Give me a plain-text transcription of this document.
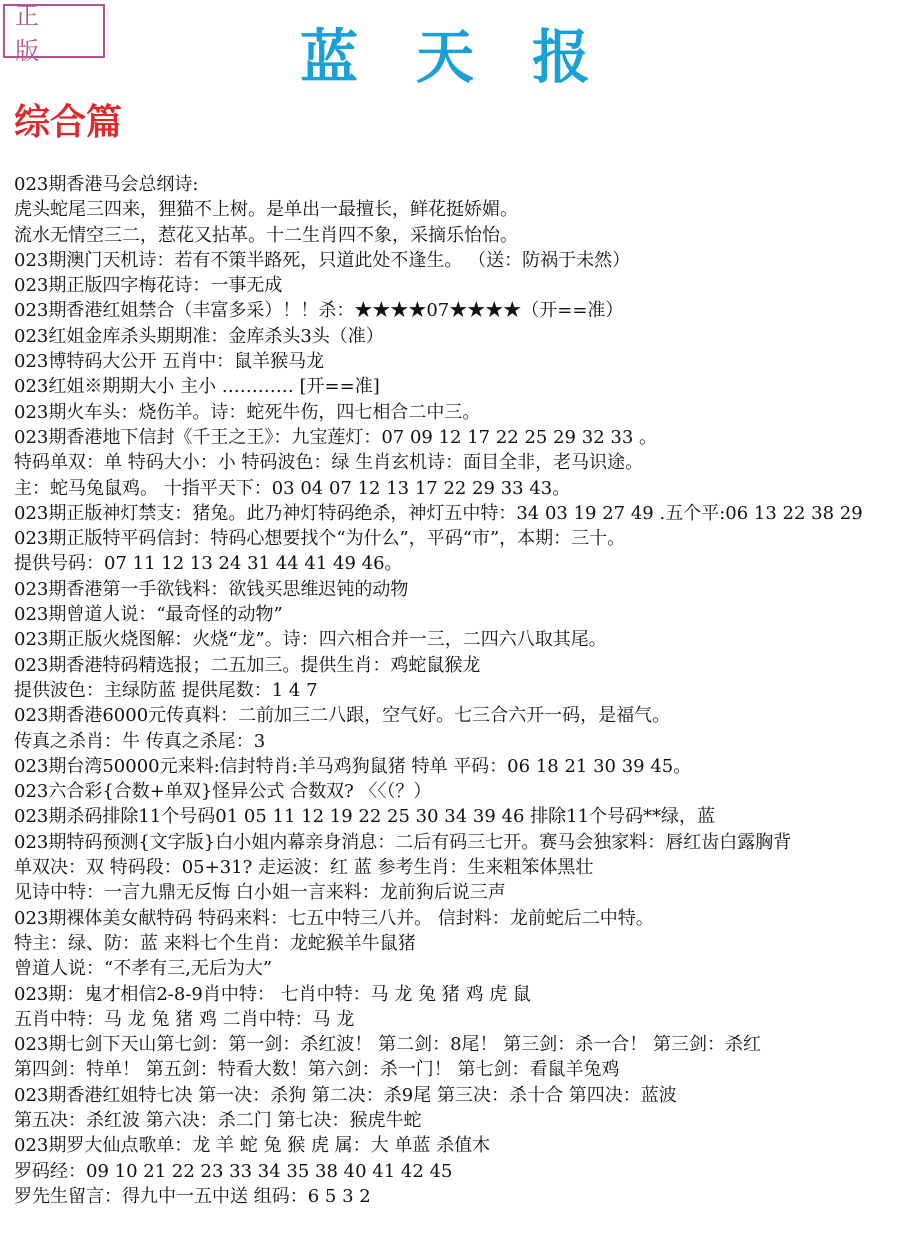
正 版	蓝天报
综合篇
023期香港马会总纲诗:
虎头蛇尾三四来，狸猫不上树。是单出一最擅长，鲜花挺娇媚。
流水无情空三二，惹花又拈革。十二生肖四不象，采摘乐怡怡。
023期澳门天机诗：若有不策半路死，只道此处不逢生。 （送：防祸于未然）
023期正版四字梅花诗：一事无成
023期香港红姐禁合（丰富多采）！！杀：★★★★07★★★★（开==准）
023红姐金库杀头期期准：金库杀头3头（准）
023博特码大公开 五肖中：鼠羊猴马龙
023红姐※期期大小 主小 ………… [开==准]
023期火车头：烧伤羊。诗：蛇死牛伤，四七相合二中三。
023期香港地下信封《千王之王》：九宝莲灯：07 09 12 17 22 25 29 32 33 。
特码单双：单 特码大小：小 特码波色：绿 生肖玄机诗：面目全非，老马识途。
主：蛇马兔鼠鸡。 十指平天下：03 04 07 12 13 17 22 29 33 43。
023期正版神灯禁支：猪兔。此乃神灯特码绝杀，神灯五中特：34 03 19 27 49 .五个平:06 13 22 38 29
023期正版特平码信封：特码心想要找个“为什么”，平码“市”，本期：三十。
提供号码：07 11 12 13 24 31 44 41 49 46。
023期香港第一手欲钱料：欲钱买思维迟钝的动物
023期曾道人说：“最奇怪的动物”
023期正版火烧图解：火烧“龙”。诗：四六相合并一三，二四六八取其尾。
023期香港特码精选报；二五加三。提供生肖：鸡蛇鼠猴龙
提供波色：主绿防蓝 提供尾数：1 4 7
023期香港6000元传真料：二前加三二八跟，空气好。七三合六开一码，是福气。
传真之杀肖：牛 传真之杀尾：3
023期台湾50000元来料:信封特肖:羊马鸡狗鼠猪 特单 平码：06 18 21 30 39 45。
023六合彩{合数+单双}怪异公式 合数双? 〈〈（？）
023期杀码排除11个号码01 05 11 12 19 22 25 30 34 39 46 排除11个号码**绿，蓝
023期特码预测{文字版}白小姐内幕亲身消息：二后有码三七开。赛马会独家料：唇红齿白露胸背
单双决：双 特码段：05+31? 走运波：红 蓝 参考生肖：生来粗笨体黑壮
见诗中特：一言九鼎无反悔 白小姐一言来料：龙前狗后说三声
023期裸体美女献特码 特码来料：七五中特三八并。 信封料：龙前蛇后二中特。
特主：绿、防：蓝 来料七个生肖：龙蛇猴羊牛鼠猪
曾道人说：“不孝有三,无后为大”
023期：鬼才相信2-8-9肖中特： 七肖中特：马 龙 兔 猪 鸡 虎 鼠
五肖中特：马 龙 兔 猪 鸡 二肖中特：马 龙
023期七剑下天山第七剑：第一剑：杀红波！ 第二剑：8尾！ 第三剑：杀一合！ 第三剑：杀红
第四剑：特单！ 第五剑：特看大数！第六剑：杀一门！ 第七剑：看鼠羊兔鸡
023期香港红姐特七决 第一决：杀狗 第二决：杀9尾 第三决：杀十合 第四决：蓝波
第五决：杀红波 第六决：杀二门 第七决：猴虎牛蛇
023期罗大仙点歌单：龙 羊 蛇 兔 猴 虎 属：大 单蓝 杀值木
罗码经：09 10 21 22 23 33 34 35 38 40 41 42 45
罗先生留言：得九中一五中送 组码：6 5 3 2
